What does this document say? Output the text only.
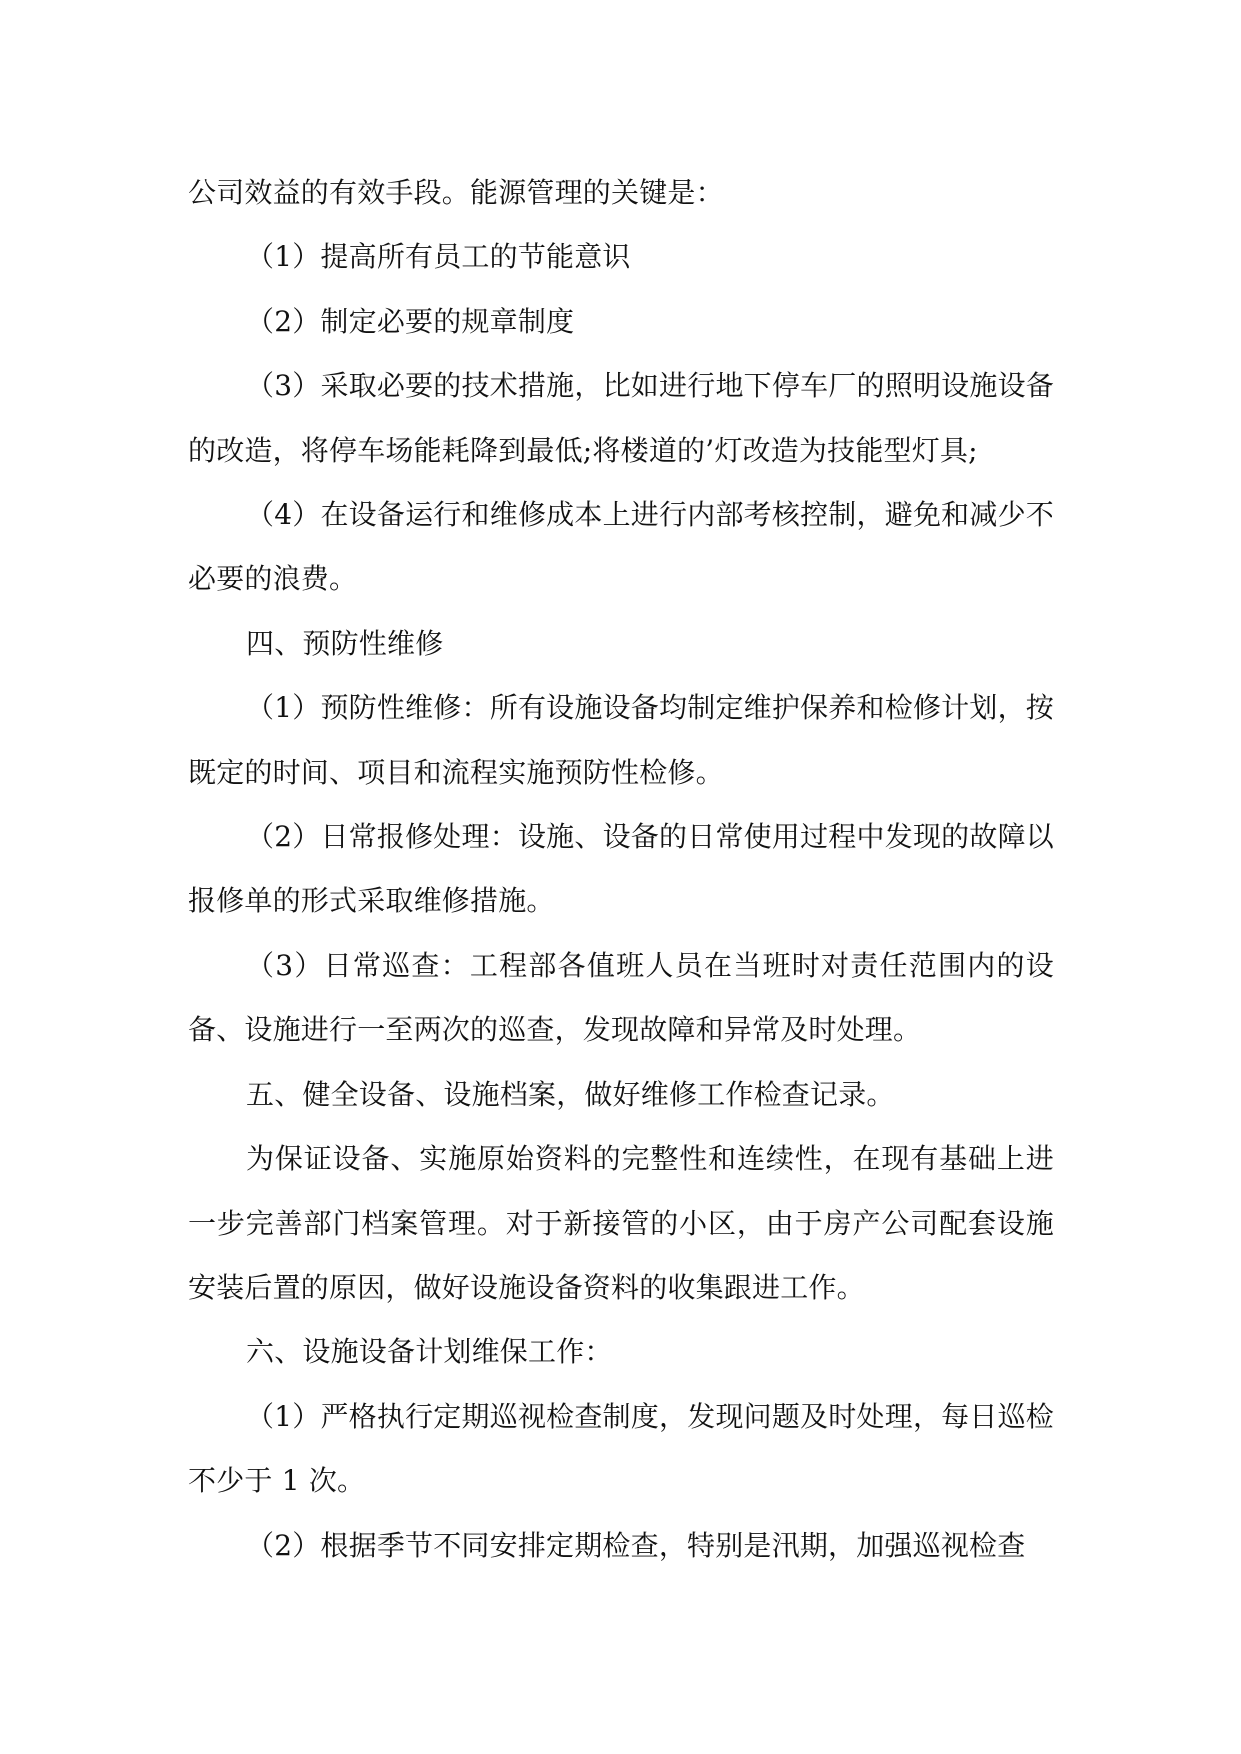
公司效益的有效手段。能源管理的关键是：

（1）提高所有员工的节能意识

（2）制定必要的规章制度

（3）采取必要的技术措施，比如进行地下停车厂的照明设施设备的改造，将停车场能耗降到最低;将楼道的’灯改造为技能型灯具;

（4）在设备运行和维修成本上进行内部考核控制，避免和减少不必要的浪费。

四、预防性维修

（1）预防性维修：所有设施设备均制定维护保养和检修计划，按既定的时间、项目和流程实施预防性检修。

（2）日常报修处理：设施、设备的日常使用过程中发现的故障以报修单的形式采取维修措施。

（3）日常巡查：工程部各值班人员在当班时对责任范围内的设备、设施进行一至两次的巡查，发现故障和异常及时处理。

五、健全设备、设施档案，做好维修工作检查记录。

为保证设备、实施原始资料的完整性和连续性，在现有基础上进一步完善部门档案管理。对于新接管的小区，由于房产公司配套设施安装后置的原因，做好设施设备资料的收集跟进工作。

六、设施设备计划维保工作：

（1）严格执行定期巡视检查制度，发现问题及时处理，每日巡检不少于 1 次。

（2）根据季节不同安排定期检查，特别是汛期，加强巡视检查
